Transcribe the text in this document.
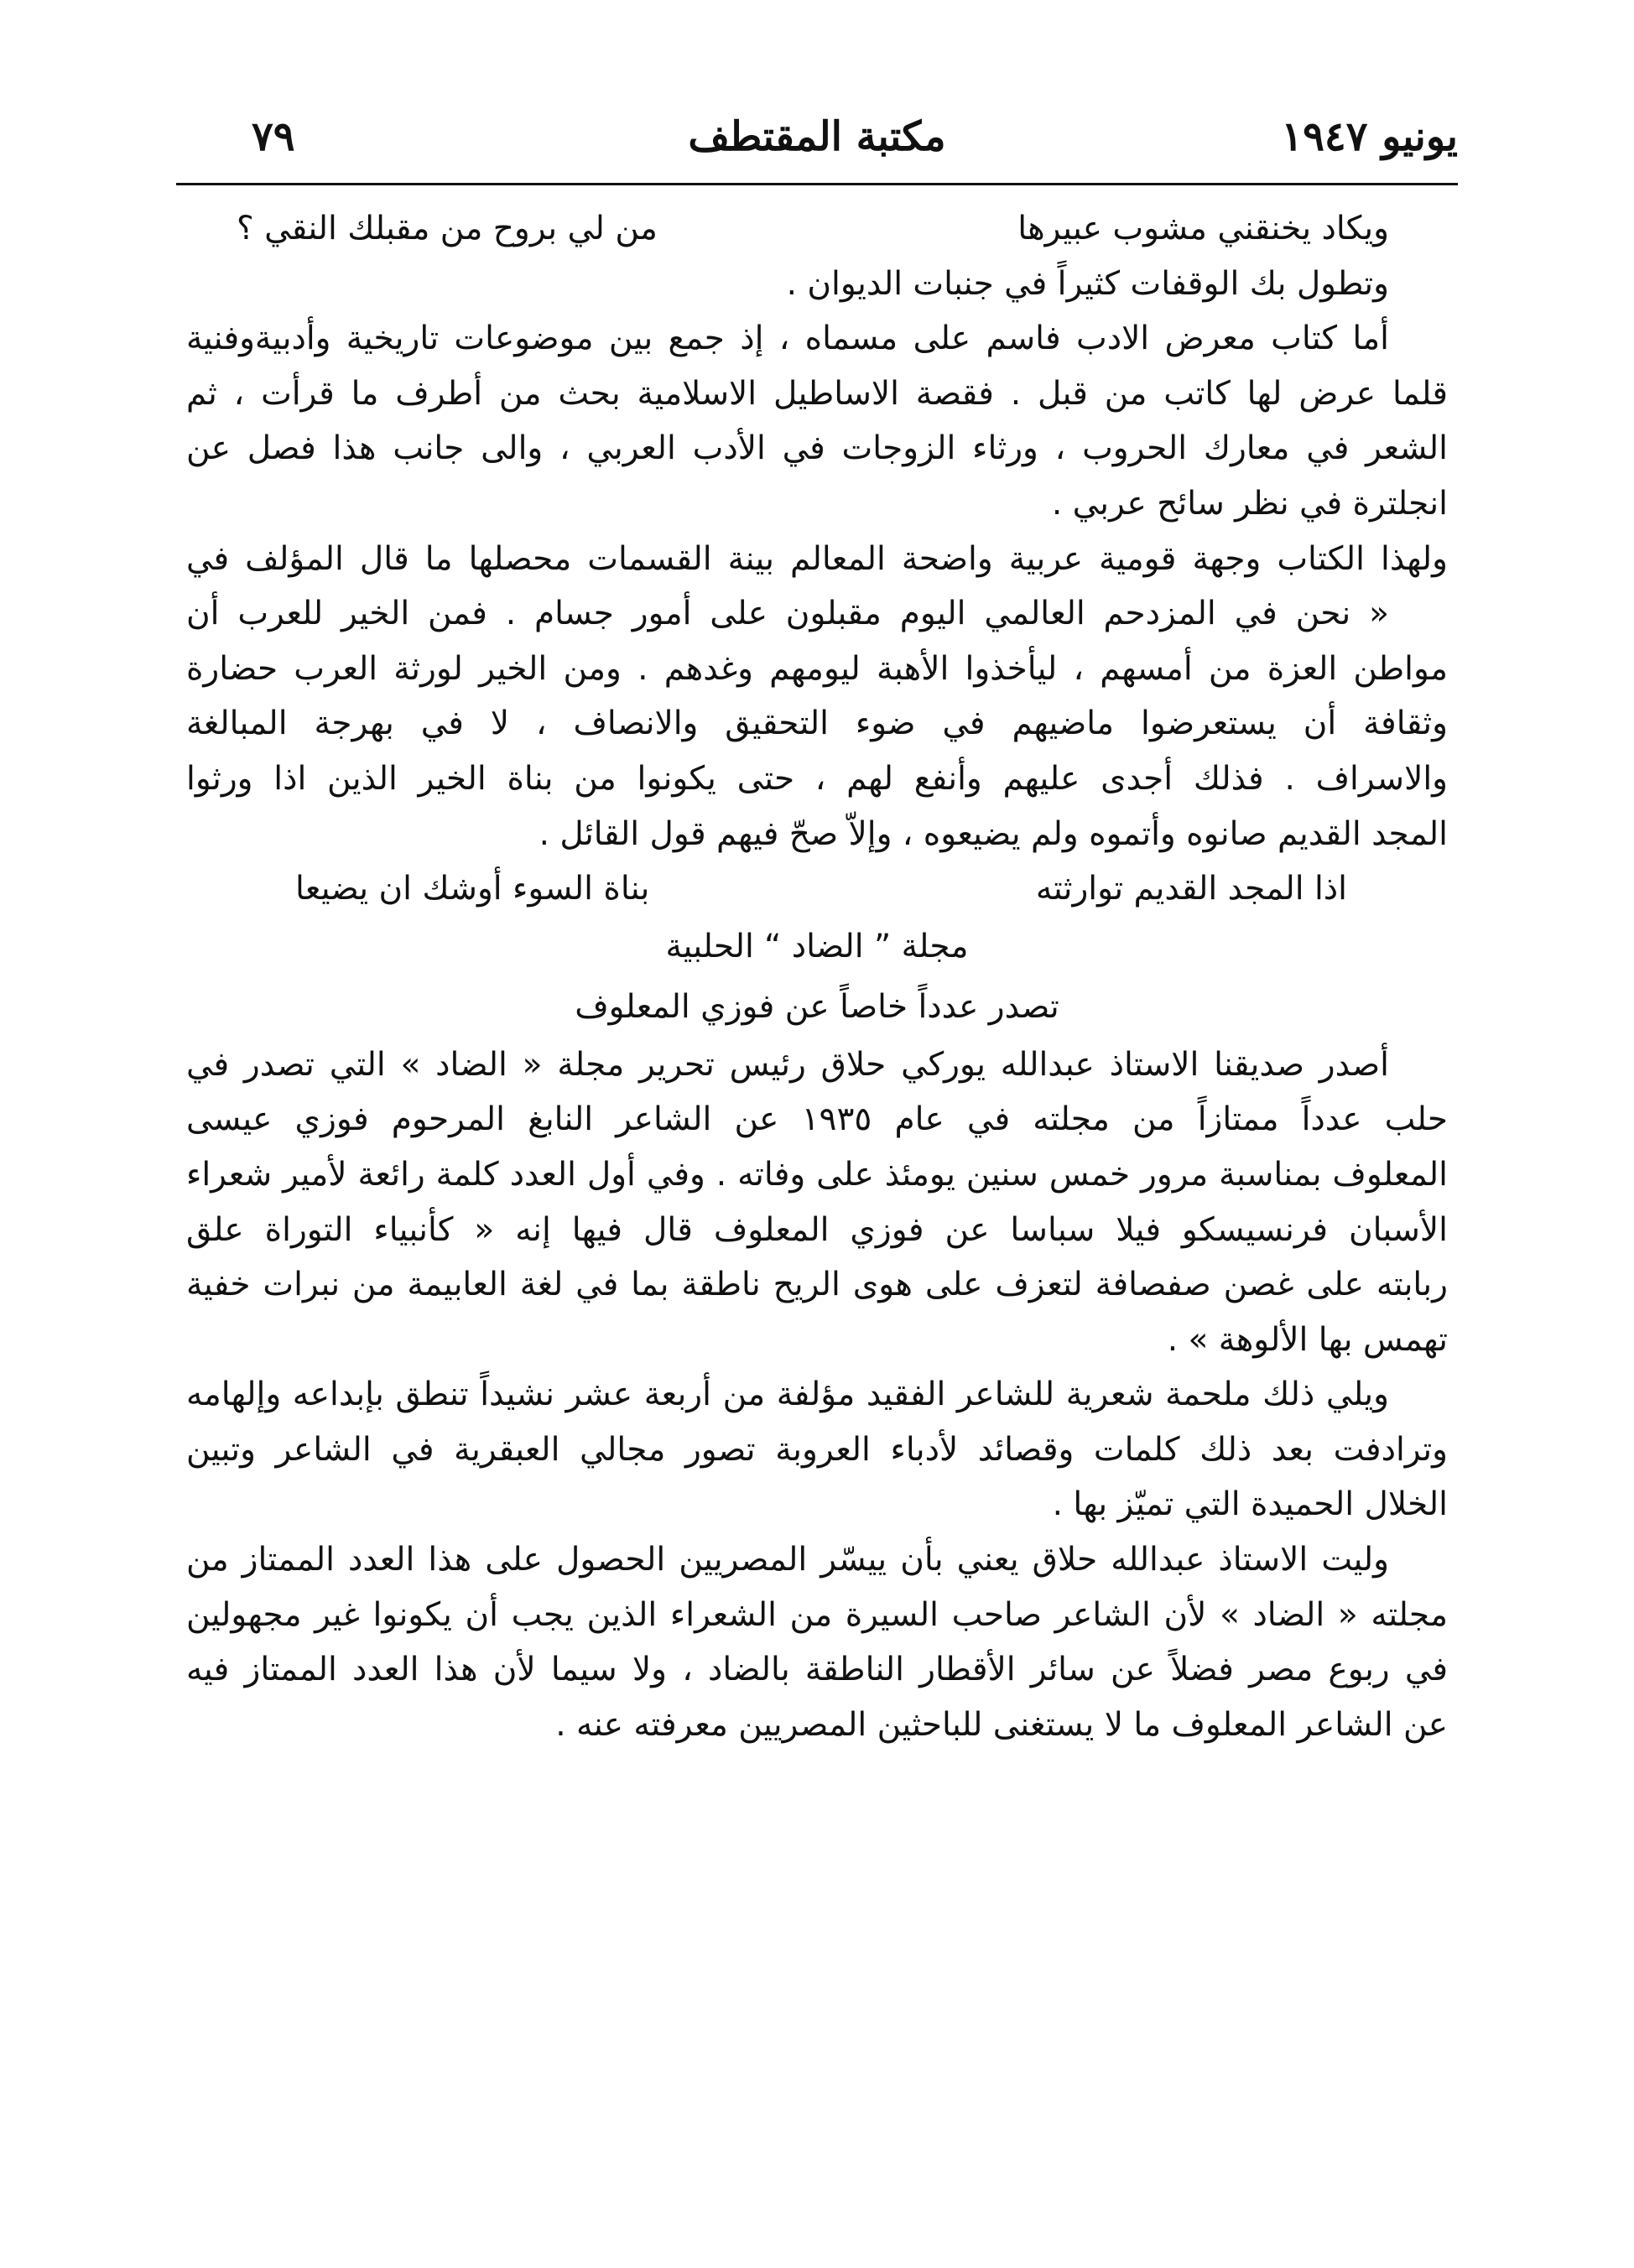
يونيو ١٩٤٧
مكتبة المقتطف
٧٩
ويكاد يخنقني مشوب عبيرها
من لي بروح من مقبلك النقي ؟
وتطول بك الوقفات كثيراً في جنبات الديوان .
أما كتاب معرض الادب فاسم على مسماه ، إذ جمع بين موضوعات تاريخية وأدبيةوفنية
قلما عرض لها كاتب من قبل . فقصة الاساطيل الاسلامية بحث من أطرف ما قرأت ، ثم
الشعر في معارك الحروب ، ورثاء الزوجات في الأدب العربي ، والى جانب هذا فصل عن
انجلترة في نظر سائح عربي .
ولهذا الكتاب وجهة قومية عربية واضحة المعالم بينة القسمات محصلها ما قال المؤلف في
« نحن في المزدحم العالمي اليوم مقبلون على أمور جسام . فمن الخير للعرب أن
مواطن العزة من أمسهم ، ليأخذوا الأهبة ليومهم وغدهم . ومن الخير لورثة العرب حضارة
وثقافة أن يستعرضوا ماضيهم في ضوء التحقيق والانصاف ، لا في بهرجة المبالغة
والاسراف . فذلك أجدى عليهم وأنفع لهم ، حتى يكونوا من بناة الخير الذين اذا ورثوا
المجد القديم صانوه وأتموه ولم يضيعوه ، وإلاّ صحّ فيهم قول القائل .
اذا المجد القديم توارثته
بناة السوء أوشك ان يضيعا
مجلة ” الضاد “ الحلبية
تصدر عدداً خاصاً عن فوزي المعلوف
أصدر صديقنا الاستاذ عبدالله يوركي حلاق رئيس تحرير مجلة « الضاد » التي تصدر في
حلب عدداً ممتازاً من مجلته في عام ١٩٣٥ عن الشاعر النابغ المرحوم فوزي عيسى
المعلوف بمناسبة مرور خمس سنين يومئذ على وفاته . وفي أول العدد كلمة رائعة لأمير شعراء
الأسبان فرنسيسكو فيلا سباسا عن فوزي المعلوف قال فيها إنه « كأنبياء التوراة علق
ربابته على غصن صفصافة لتعزف على هوى الريح ناطقة بما في لغة العابيمة من نبرات خفية
تهمس بها الألوهة » .
ويلي ذلك ملحمة شعرية للشاعر الفقيد مؤلفة من أربعة عشر نشيداً تنطق بإبداعه وإلهامه
وترادفت بعد ذلك كلمات وقصائد لأدباء العروبة تصور مجالي العبقرية في الشاعر وتبين
الخلال الحميدة التي تميّز بها .
وليت الاستاذ عبدالله حلاق يعني بأن ييسّر المصريين الحصول على هذا العدد الممتاز من
مجلته « الضاد » لأن الشاعر صاحب السيرة من الشعراء الذين يجب أن يكونوا غير مجهولين
في ربوع مصر فضلاً عن سائر الأقطار الناطقة بالضاد ، ولا سيما لأن هذا العدد الممتاز فيه
عن الشاعر المعلوف ما لا يستغنى للباحثين المصريين معرفته عنه .
